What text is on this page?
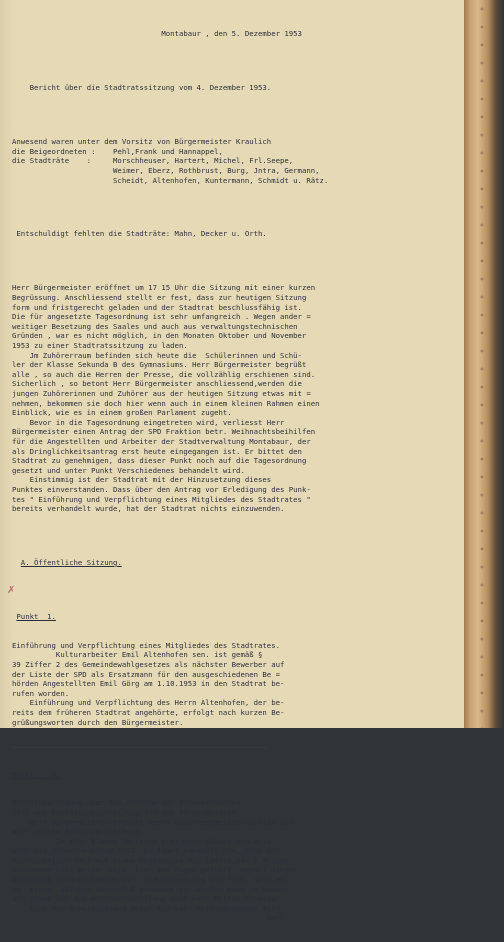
Montabaur , den 5. Dezember 1953

Bericht über die Stadtratssitzung vom 4. Dezember 1953.

Anwesend waren unter dem Vorsitz von Bürgermeister Kraulich
die Beigeordneten :    Pehl,Frank und Hannappel,
die Stadträte    :     Morschheuser, Hartert, Michel, Frl.Seepe,
Weimer, Eberz, Rothbrust, Burg, Jntra, Germann,
Scheidt, Altenhofen, Kuntermann, Schmidt u. Rätz.

Entschuldigt fehlten die Stadträte: Mahn, Decker u. Orth.

Herr Bürgermeister eröffnet um 17 15 Uhr die Sitzung mit einer kurzen
Begrüssung. Anschliessend stellt er fest, dass zur heutigen Sitzung
form und fristgerecht geladen und der Stadtrat beschlussfähig ist.
Die für angesetzte Tagesordnung ist sehr umfangreich . Wegen ander =
weitiger Besetzung des Saales und auch aus verwaltungstechnischen
Gründen , war es nicht möglich, in den Monaten Oktober und November
1953 zu einer Stadtratssitzung zu laden.
Jm Zuhörerraum befinden sich heute die  Schülerinnen und Schü-
ler der Klasse Sekunda B des Gymnasiums. Herr Bürgermeister begrüßt
alle , so auch die Herren der Presse, die vollzählig erschienen sind.
Sicherlich , so betont Herr Bürgermeister anschliessend,werden die
jungen Zuhörerinnen und Zuhörer aus der heutigen Sitzung etwas mit =
nehmen, bekommen sie doch hier wenn auch in einem kleinen Rahmen einen
Einblick, wie es in einem großen Parlament zugeht.
Bevor in die Tagesordnung eingetreten wird, verliesst Herr
Bürgermeister einen Antrag der SPD Fraktion betr. Weihnachtsbeihilfen
für die Angestellten und Arbeiter der Stadtverwaltung Montabaur, der
als Dringlichkeitsantrag erst heute eingegangen ist. Er bittet den
Stadtrat zu genehmigen, dass dieser Punkt noch auf die Tagesordnung
gesetzt und unter Punkt Verschiedenes behandelt wird.
Einstimmig ist der Stadtrat mit der Hinzusetzung dieses
Punktes einverstanden. Dass über den Antrag vor Erledigung des Punk-
tes " Einführung und Verpflichtung eines Mitgliedes des Stadtrates "
bereits verhandelt wurde, hat der Stadtrat nichts einzuwenden.

A. Öffentliche Sitzung.

Punkt  1.

Einführung und Verpflichtung eines Mitgliedes des Stadtrates.
Kulturarbeiter Emil Altenhofen sen. ist gemäß §
39 Ziffer 2 des Gemeindewahlgesetzes als nächster Bewerber auf
der Liste der SPD als Ersatzmann für den ausgeschiedenen Be =
hörden Angestellten Emil Görg am 1.10.1953 in den Stadtrat be-
rufen worden.
Einführung und Verpflichtung des Herrn Altenhofen, der be-
reits dem früheren Stadtrat angehörte, erfolgt nach kurzen Be-
grüßungsworten durch den Bürgermeister.

Punkt    2.

Beschlussfassung über die Annahme der Jahresrechnung
1952 und Entlastungserteilung für den Bürgermeister.
Herr Bürgermeister erteilt Herrn Stadtrentmeister Gilles das
Wort zwecks Berichterstattung.
Jn sehr klaren Umrissen gibt Herr Gilles ein Bild
über die Jahresrechnung 1952. Er führt zunächst aus, dass das
Rechnungsjahr 1952 mit einem Überschuss von 100214,24- D.M.abge-
schlossen hat. Weiter wird  klar vor Augen geführt, worauf dieser
Überschuß zurückzuführen ist. Die Verwaltung ist froh, dass es
zu  einem  solchen Überschuß gekommen.ist.Werden doch in kommen-
den Jahre für die Wasserbeschaffung sehr hohe Mittel benötigt.
Auch der Schuldenstand zeigt ein sehr befriedigendes Bild
Herr

✗
